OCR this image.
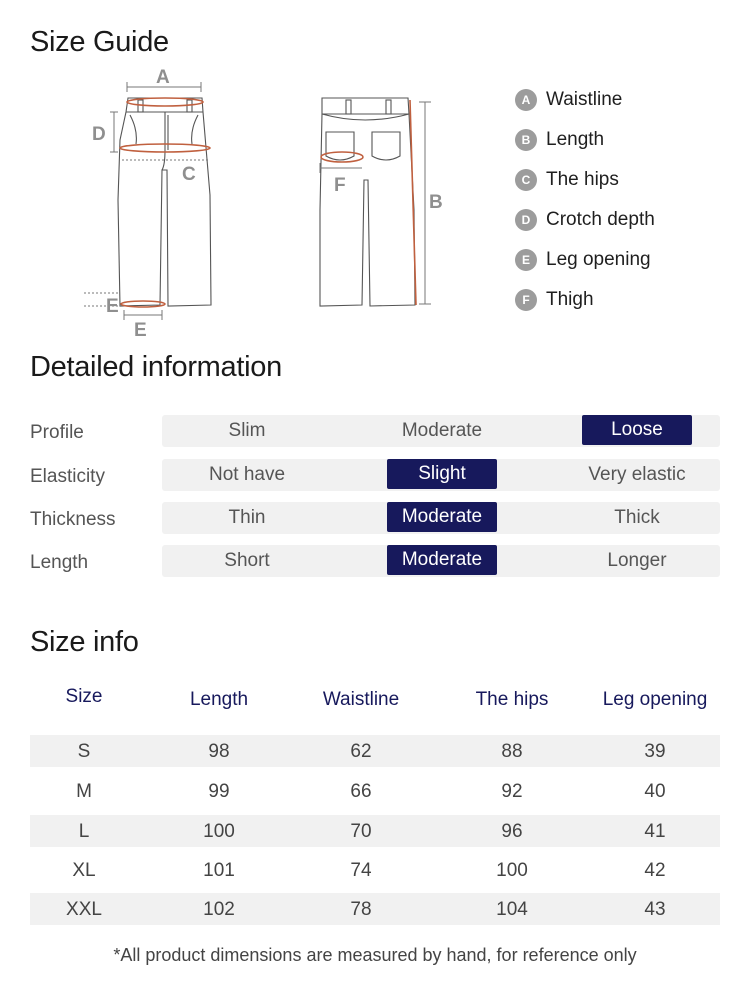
Size Guide
A
D
C
E
E
B
F
A Waistline
B Length
C The hips
D Crotch depth
E Leg opening
F Thigh
Detailed information
Profile	Slim	Moderate	Loose
Elasticity	Not have	Slight	Very elastic
Thickness	Thin	Moderate	Thick
Length	Short	Moderate	Longer
Size info
Size	Length	Waistline	The hips	Leg opening
S	98	62	88	39
M	99	66	92	40
L	100	70	96	41
XL	101	74	100	42
XXL	102	78	104	43
*All product dimensions are measured by hand, for reference only
